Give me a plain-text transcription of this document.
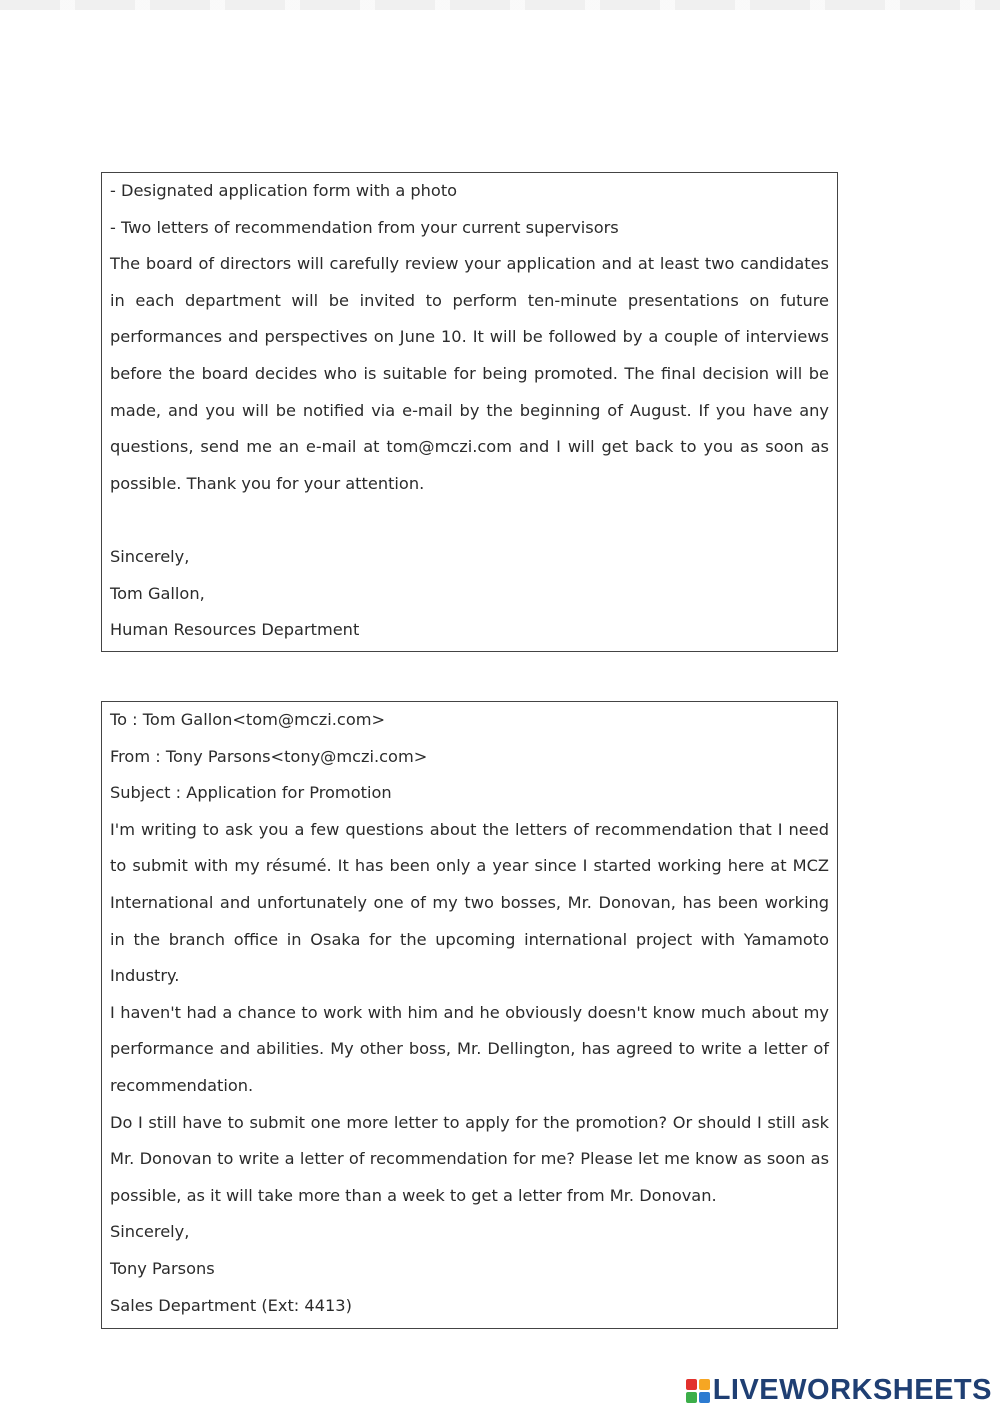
- Designated application form with a photo
- Two letters of recommendation from your current supervisors

The board of directors will carefully review your application and at least two candidates in each department will be invited to perform ten-minute presentations on future performances and perspectives on June 10. It will be followed by a couple of interviews before the board decides who is suitable for being promoted. The final decision will be made, and you will be notified via e-mail by the beginning of August. If you have any questions, send me an e-mail at tom@mczi.com and I will get back to you as soon as possible. Thank you for your attention.

Sincerely,
Tom Gallon,
Human Resources Department
To : Tom Gallon<tom@mczi.com>
From : Tony Parsons<tony@mczi.com>
Subject : Application for Promotion

I'm writing to ask you a few questions about the letters of recommendation that I need to submit with my résumé. It has been only a year since I started working here at MCZ International and unfortunately one of my two bosses, Mr. Donovan, has been working in the branch office in Osaka for the upcoming international project with Yamamoto Industry.

I haven't had a chance to work with him and he obviously doesn't know much about my performance and abilities. My other boss, Mr. Dellington, has agreed to write a letter of recommendation.

Do I still have to submit one more letter to apply for the promotion? Or should I still ask Mr. Donovan to write a letter of recommendation for me? Please let me know as soon as possible, as it will take more than a week to get a letter from Mr. Donovan.

Sincerely,
Tony Parsons
Sales Department (Ext: 4413)
LIVEWORKSHEETS
